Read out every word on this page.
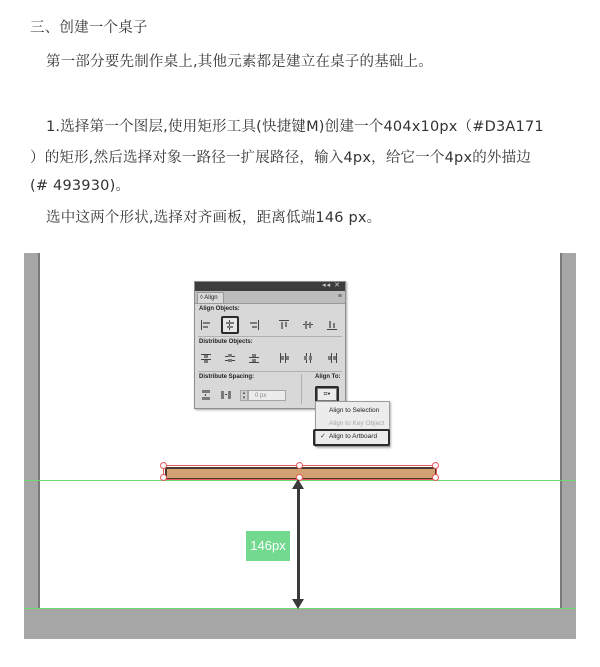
三、创建一个桌子
第一部分要先制作桌上,其他元素都是建立在桌子的基础上。
1.选择第一个图层,使用矩形工具(快捷键M)创建一个404x10px（#D3A171
）的矩形,然后选择对象一路径一扩展路径，输入4px，给它一个4px的外描边
(# 493930)。
选中这两个形状,选择对齐画板，距离低端146 px。
146px
◂◂ ✕
◊ Align	≡
Align Objects:
Distribute Objects:
Distribute Spacing:	Align To:
▴
▾	0 px	⌗▾
Align to Selection
Align to Key Object
✓ Align to Artboard
